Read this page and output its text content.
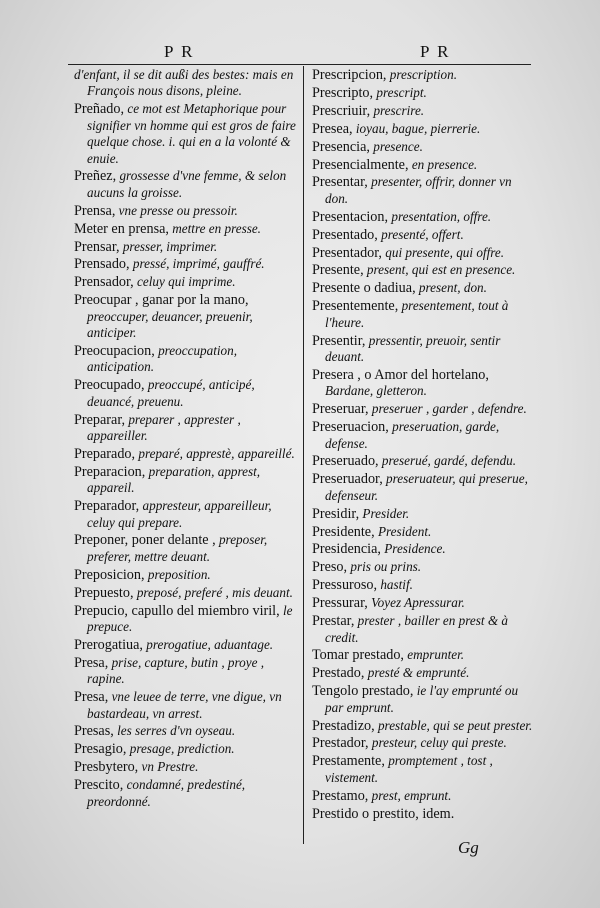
P R	P R
d'enfant, il se dit außi des bestes: mais en François nous disons, pleine.
Preñado, ce mot est Metaphorique pour signifier vn homme qui est gros de faire quelque chose. i. qui en a la volonté & enuie.
Preñez, grossesse d'vne femme, & selon aucuns la groisse.
Prensa, vne presse ou pressoir.
Meter en prensa, mettre en presse.
Prensar, presser, imprimer.
Prensado, pressé, imprimé, gauffré.
Prensador, celuy qui imprime.
Preocupar , ganar por la mano, preoccuper, deuancer, preuenir, anticiper.
Preocupacion, preoccupation, anticipation.
Preocupado, preoccupé, anticipé, deuancé, preuenu.
Preparar, preparer , apprester , appareiller.
Preparado, preparé, apprestè, appareillé.
Preparacion, preparation, apprest, appareil.
Preparador, appresteur, appareilleur, celuy qui prepare.
Preponer, poner delante , preposer, preferer, mettre deuant.
Preposicion, preposition.
Prepuesto, preposé, preferé , mis deuant.
Prepucio, capullo del miembro viril, le prepuce.
Prerogatiua, prerogatiue, aduantage.
Presa, prise, capture, butin , proye , rapine.
Presa, vne leuee de terre, vne digue, vn bastardeau, vn arrest.
Presas, les serres d'vn oyseau.
Presagio, presage, prediction.
Presbytero, vn Prestre.
Prescito, condamné, predestiné, preordonné.
Prescripcion, prescription.
Prescripto, prescript.
Prescriuir, prescrire.
Presea, ioyau, bague, pierrerie.
Presencia, presence.
Presencialmente, en presence.
Presentar, presenter, offrir, donner vn don.
Presentacion, presentation, offre.
Presentado, presenté, offert.
Presentador, qui presente, qui offre.
Presente, present, qui est en presence.
Presente o dadiua, present, don.
Presentemente, presentement, tout à l'heure.
Presentir, pressentir, preuoir, sentir deuant.
Presera , o Amor del hortelano, Bardane, gletteron.
Preseruar, preseruer , garder , defendre.
Preseruacion, preseruation, garde, defense.
Preseruado, preserué, gardé, defendu.
Preseruador, preseruateur, qui preserue, defenseur.
Presidir, Presider.
Presidente, President.
Presidencia, Presidence.
Preso, pris ou prins.
Pressuroso, hastif.
Pressurar, Voyez Apressurar.
Prestar, prester , bailler en prest & à credit.
Tomar prestado, emprunter.
Prestado, presté & emprunté.
Tengolo prestado, ie l'ay emprunté ou par emprunt.
Prestadizo, prestable, qui se peut prester.
Prestador, presteur, celuy qui preste.
Prestamente, promptement , tost , vistement.
Prestamo, prest, emprunt.
Prestido o prestito, idem.
Gg
